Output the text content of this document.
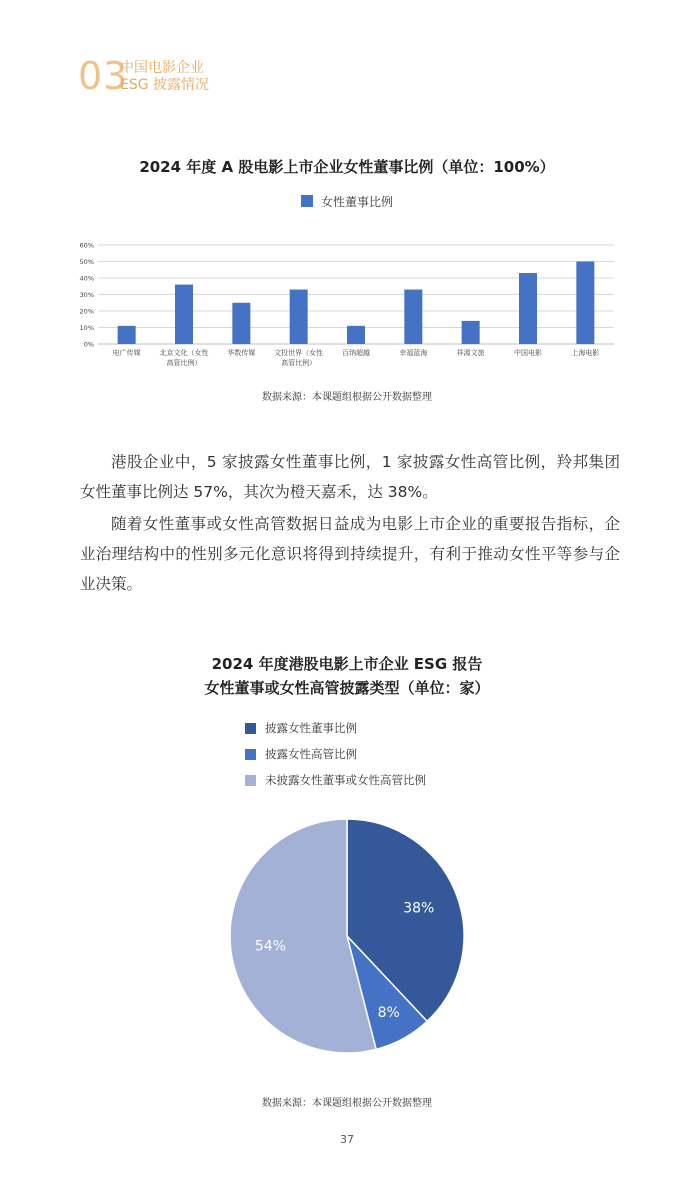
03
中国电影企业
ESG 披露情况
2024 年度 A 股电影上市企业女性董事比例（单位：100%）
女性董事比例
0%
10%
20%
30%
40%
50%
60%
电广传媒	北京文化（女性
高管比例）
华数传媒	文投世界（女性
高管比例）
百纳超越	幸福蓝海	祥源文旅	中国电影	上海电影
数据来源：本课题组根据公开数据整理
港股企业中，5 家披露女性董事比例，1 家披露女性高管比例，羚邦集团女性董事比例达 57%，其次为橙天嘉禾，达 38%。
随着女性董事或女性高管数据日益成为电影上市企业的重要报告指标，企业治理结构中的性别多元化意识将得到持续提升，有利于推动女性平等参与企业决策。
2024 年度港股电影上市企业 ESG 报告
女性董事或女性高管披露类型（单位：家）
披露女性董事比例
披露女性高管比例
未披露女性董事或女性高管比例
38%
8%
54%
数据来源：本课题组根据公开数据整理
37
